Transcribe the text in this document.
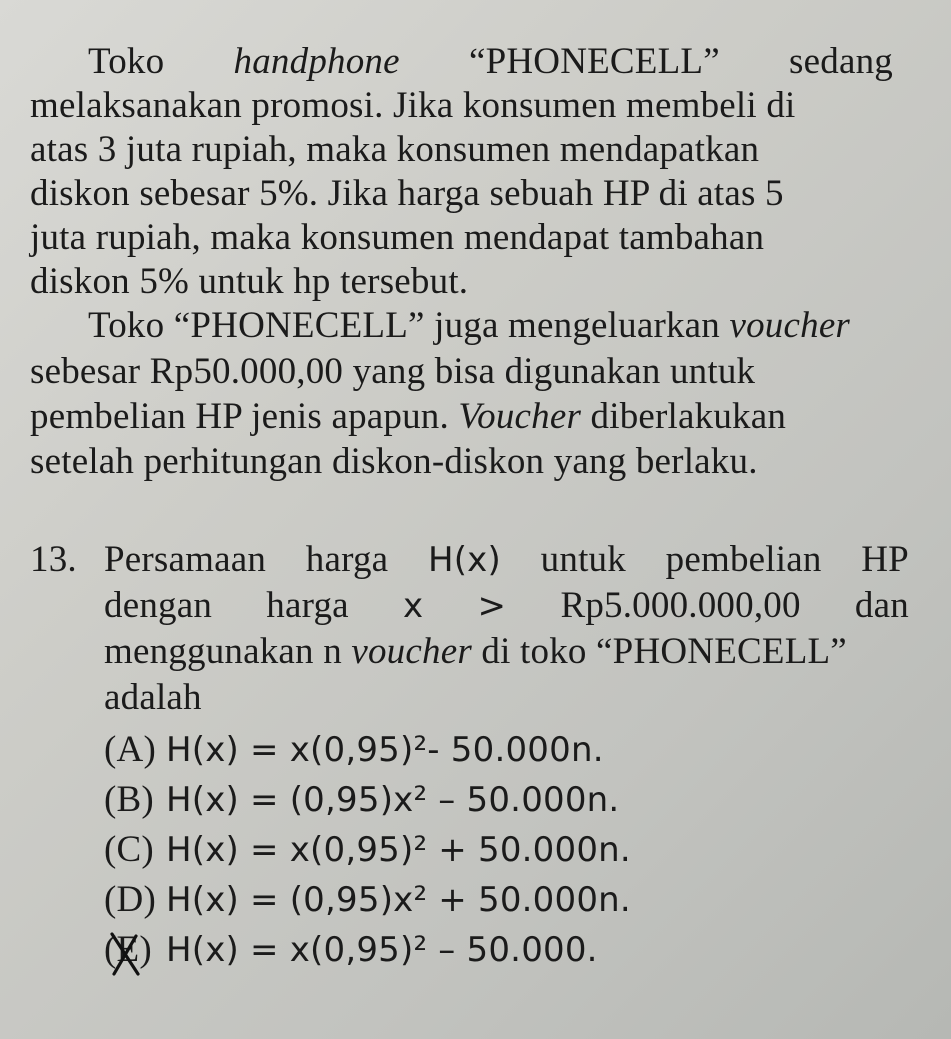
Toko handphone “PHONECELL” sedang
melaksanakan promosi. Jika konsumen membeli di
atas 3 juta rupiah, maka konsumen mendapatkan
diskon sebesar 5%. Jika harga sebuah HP di atas 5
juta rupiah, maka konsumen mendapat tambahan
diskon 5% untuk hp tersebut.
Toko “PHONECELL” juga mengeluarkan voucher
sebesar Rp50.000,00 yang bisa digunakan untuk
pembelian HP jenis apapun. Voucher diberlakukan
setelah perhitungan diskon-diskon yang berlaku.
13. Persamaan harga H(x) untuk pembelian HP
dengan harga x > Rp5.000.000,00 dan
menggunakan n voucher di toko “PHONECELL”
adalah
(A) H(x) = x(0,95)²- 50.000n.
(B) H(x) = (0,95)x² – 50.000n.
(C) H(x) = x(0,95)² + 50.000n.
(D) H(x) = (0,95)x² + 50.000n.
(E) H(x) = x(0,95)² – 50.000.
